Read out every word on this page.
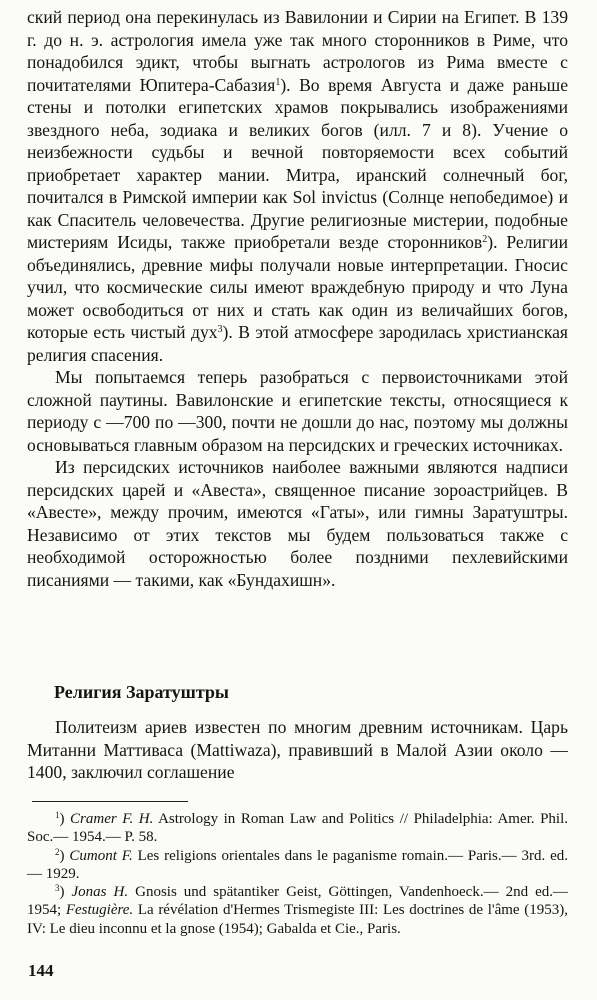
ский период она перекинулась из Вавилонии и Сирии на Египет. В 139 г. до н. э. астрология имела уже так много сторонников в Риме, что понадобился эдикт, чтобы выгнать астрологов из Рима вместе с почитателями Юпитера-Сабазия$^1$). Во время Августа и даже раньше стены и потолки египетских храмов покрывались изображениями звездного неба, зодиака и великих богов (илл. 7 и 8). Учение о неизбежности судьбы и вечной повторяемости всех событий приобретает характер мании. Митра, иранский солнечный бог, почитался в Римской империи как Sol invictus (Солнце непобедимое) и как Спаситель человечества. Другие религиозные мистерии, подобные мистериям Исиды, также приобретали везде сторонников$^2$). Религии объединялись, древние мифы получали новые интерпретации. Гносис учил, что космические силы имеют враждебную природу и что Луна может освободиться от них и стать как один из величайших богов, которые есть чистый дух$^3$). В этой атмосфере зародилась христианская религия спасения.

Мы попытаемся теперь разобраться с первоисточниками этой сложной паутины. Вавилонские и египетские тексты, относящиеся к периоду с —700 по —300, почти не дошли до нас, поэтому мы должны основываться главным образом на персидских и греческих источниках.

Из персидских источников наиболее важными являются надписи персидских царей и «Авеста», священное писание зороастрийцев. В «Авесте», между прочим, имеются «Гаты», или гимны Заратуштры. Независимо от этих текстов мы будем пользоваться также с необходимой осторожностью более поздними пехлевийскими писаниями — такими, как «Бундахишн».

Религия Заратуштры

Политеизм ариев известен по многим древним источникам. Царь Митанни Маттиваса (Mattiwaza), правивший в Малой Азии около —1400, заключил соглашение

$^1$) Cramer F. H. Astrology in Roman Law and Politics // Philadelphia: Amer. Phil. Soc.— 1954.— P. 58.

$^2$) Cumont F. Les religions orientales dans le paganisme romain.— Paris.— 3rd. ed.— 1929.

$^3$) Jonas H. Gnosis und spätantiker Geist, Göttingen, Vandenhoeck.— 2nd ed.— 1954; Festugière. La révélation d'Hermes Trismegiste III: Les doctrines de l'âme (1953), IV: Le dieu inconnu et la gnose (1954); Gabalda et Cie., Paris.

144
